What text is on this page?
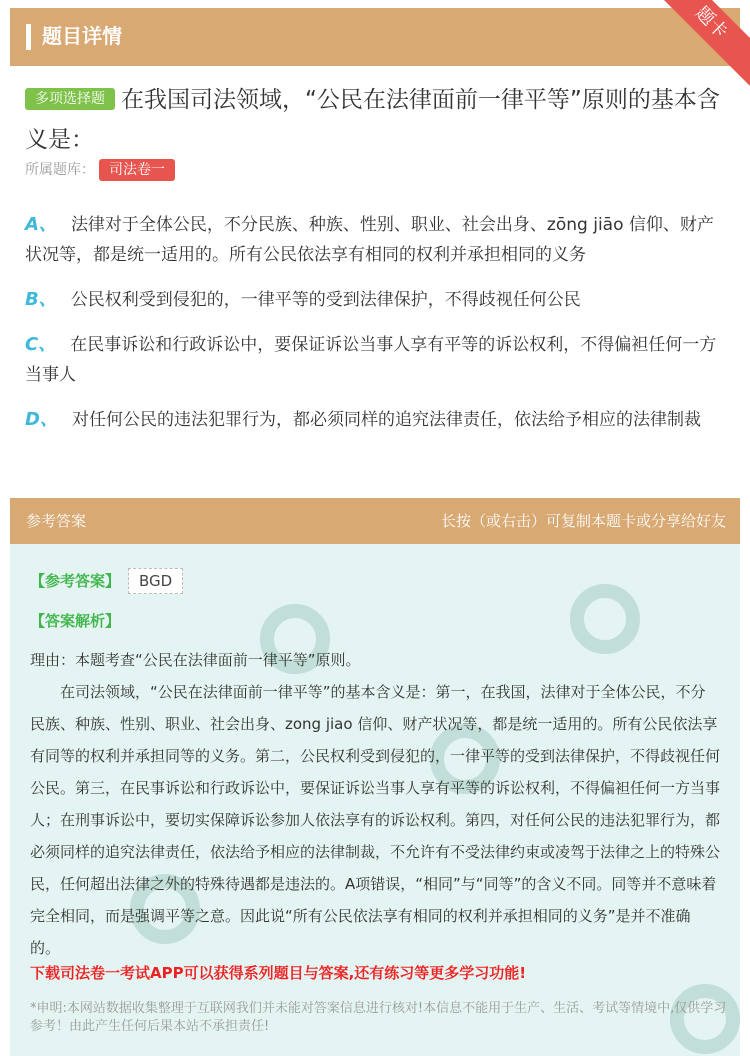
题目详情	题卡
多项选择题 在我国司法领域，“公民在法律面前一律平等”原则的基本含义是：
所属题库： 司法卷一
A、 法律对于全体公民，不分民族、种族、性别、职业、社会出身、zōng jiāo 信仰、财产状况等，都是统一适用的。所有公民依法享有相同的权利并承担相同的义务
B、 公民权利受到侵犯的，一律平等的受到法律保护，不得歧视任何公民
C、 在民事诉讼和行政诉讼中，要保证诉讼当事人享有平等的诉讼权利，不得偏袒任何一方当事人
D、 对任何公民的违法犯罪行为，都必须同样的追究法律责任，依法给予相应的法律制裁
参考答案	长按（或右击）可复制本题卡或分享给好友
【参考答案】 BGD
【答案解析】

理由：本题考查“公民在法律面前一律平等”原则。

在司法领域，“公民在法律面前一律平等”的基本含义是：第一，在我国，法律对于全体公民，不分民族、种族、性别、职业、社会出身、zong jiao 信仰、财产状况等，都是统一适用的。所有公民依法享有同等的权利并承担同等的义务。第二，公民权利受到侵犯的，一律平等的受到法律保护，不得歧视任何公民。第三，在民事诉讼和行政诉讼中，要保证诉讼当事人享有平等的诉讼权利，不得偏袒任何一方当事人；在刑事诉讼中，要切实保障诉讼参加人依法享有的诉讼权利。第四，对任何公民的违法犯罪行为，都必须同样的追究法律责任，依法给予相应的法律制裁，不允许有不受法律约束或凌驾于法律之上的特殊公民，任何超出法律之外的特殊待遇都是违法的。A项错误，“相同”与“同等”的含义不同。同等并不意味着完全相同，而是强调平等之意。因此说“所有公民依法享有相同的权利并承担相同的义务”是并不准确的。

下载司法卷一考试APP可以获得系列题目与答案,还有练习等更多学习功能!
*申明:本网站数据收集整理于互联网我们并未能对答案信息进行核对!本信息不能用于生产、生活、考试等情境中,仅供学习参考！由此产生任何后果本站不承担责任!
